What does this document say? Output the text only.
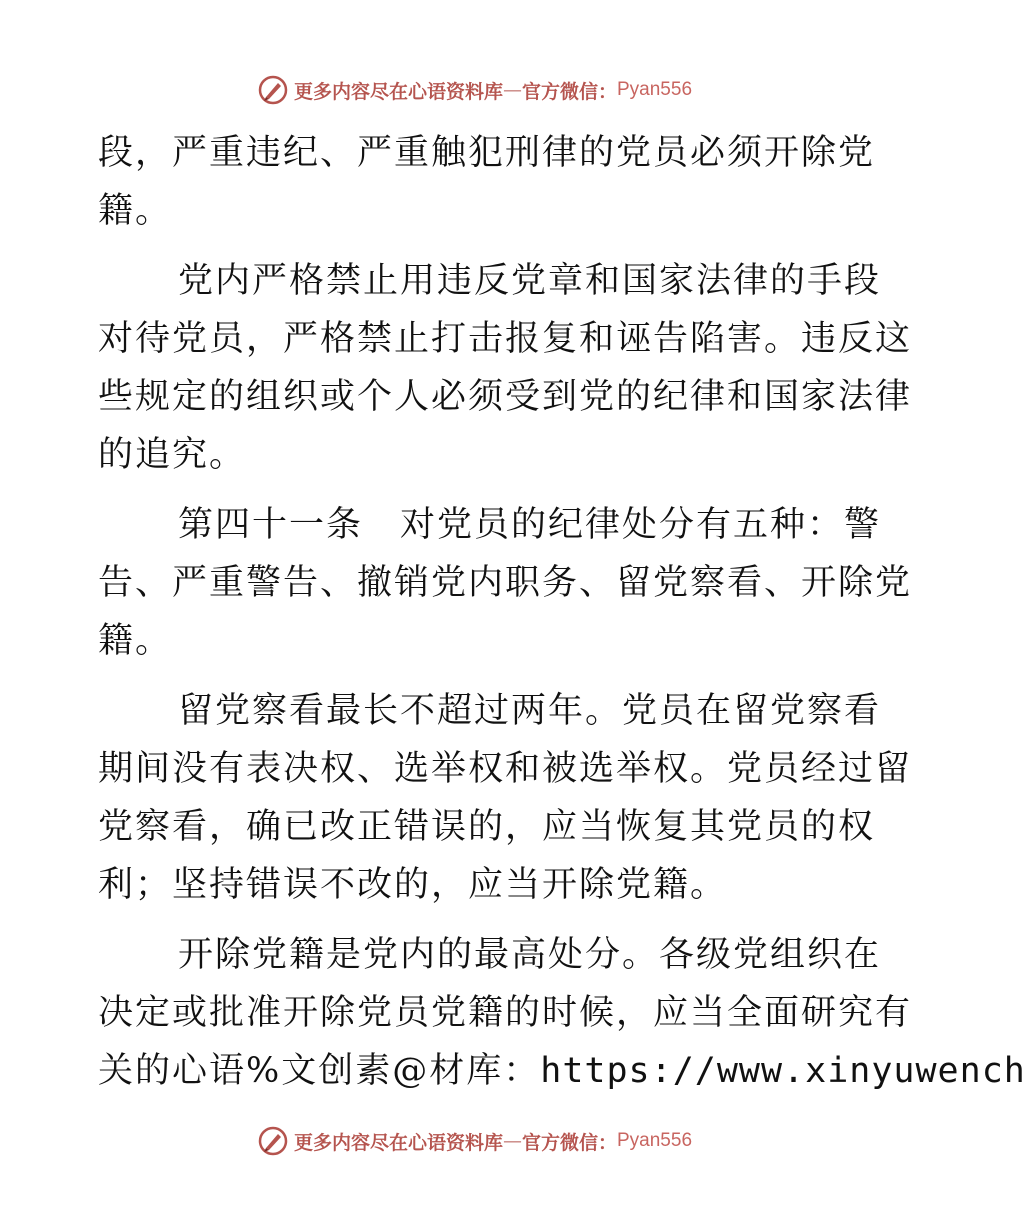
更多内容尽在心语资料库 — 官方微信： Pyan556
段，严重违纪、严重触犯刑律的党员必须开除党
籍。
党内严格禁止用违反党章和国家法律的手段
对待党员，严格禁止打击报复和诬告陷害。违反这
些规定的组织或个人必须受到党的纪律和国家法律
的追究。
第四十一条　对党员的纪律处分有五种：警
告、严重警告、撤销党内职务、留党察看、开除党
籍。
留党察看最长不超过两年。党员在留党察看
期间没有表决权、选举权和被选举权。党员经过留
党察看，确已改正错误的，应当恢复其党员的权
利；坚持错误不改的，应当开除党籍。
开除党籍是党内的最高处分。各级党组织在
决定或批准开除党员党籍的时候，应当全面研究有
关的心语%文创素@材库：https://www.xinyuwench
更多内容尽在心语资料库 — 官方微信： Pyan556
